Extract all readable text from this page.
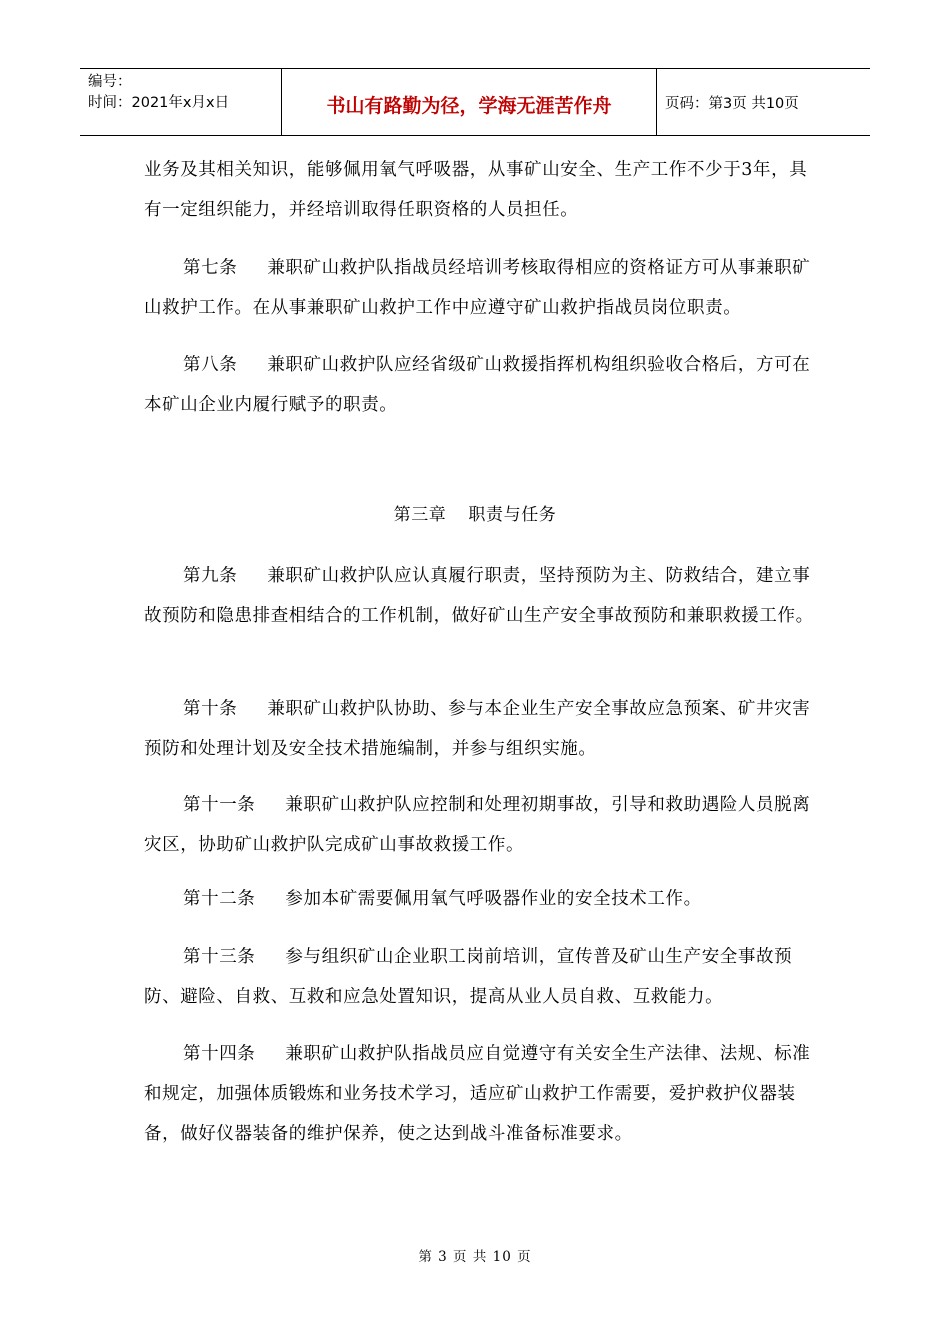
编号：
时间：2021年x月x日	书山有路勤为径，学海无涯苦作舟	页码：第3页 共10页

业务及其相关知识，能够佩用氧气呼吸器，从事矿山安全、生产工作不少于3年，具有一定组织能力，并经培训取得任职资格的人员担任。

第七条 兼职矿山救护队指战员经培训考核取得相应的资格证方可从事兼职矿山救护工作。在从事兼职矿山救护工作中应遵守矿山救护指战员岗位职责。

第八条 兼职矿山救护队应经省级矿山救援指挥机构组织验收合格后，方可在本矿山企业内履行赋予的职责。

第三章 职责与任务

第九条 兼职矿山救护队应认真履行职责，坚持预防为主、防救结合，建立事故预防和隐患排查相结合的工作机制，做好矿山生产安全事故预防和兼职救援工作。

第十条 兼职矿山救护队协助、参与本企业生产安全事故应急预案、矿井灾害预防和处理计划及安全技术措施编制，并参与组织实施。

第十一条 兼职矿山救护队应控制和处理初期事故，引导和救助遇险人员脱离灾区，协助矿山救护队完成矿山事故救援工作。

第十二条 参加本矿需要佩用氧气呼吸器作业的安全技术工作。

第十三条 参与组织矿山企业职工岗前培训，宣传普及矿山生产安全事故预防、避险、自救、互救和应急处置知识，提高从业人员自救、互救能力。

第十四条 兼职矿山救护队指战员应自觉遵守有关安全生产法律、法规、标准和规定，加强体质锻炼和业务技术学习，适应矿山救护工作需要，爱护救护仪器装备，做好仪器装备的维护保养，使之达到战斗准备标准要求。

第 3 页 共 10 页
